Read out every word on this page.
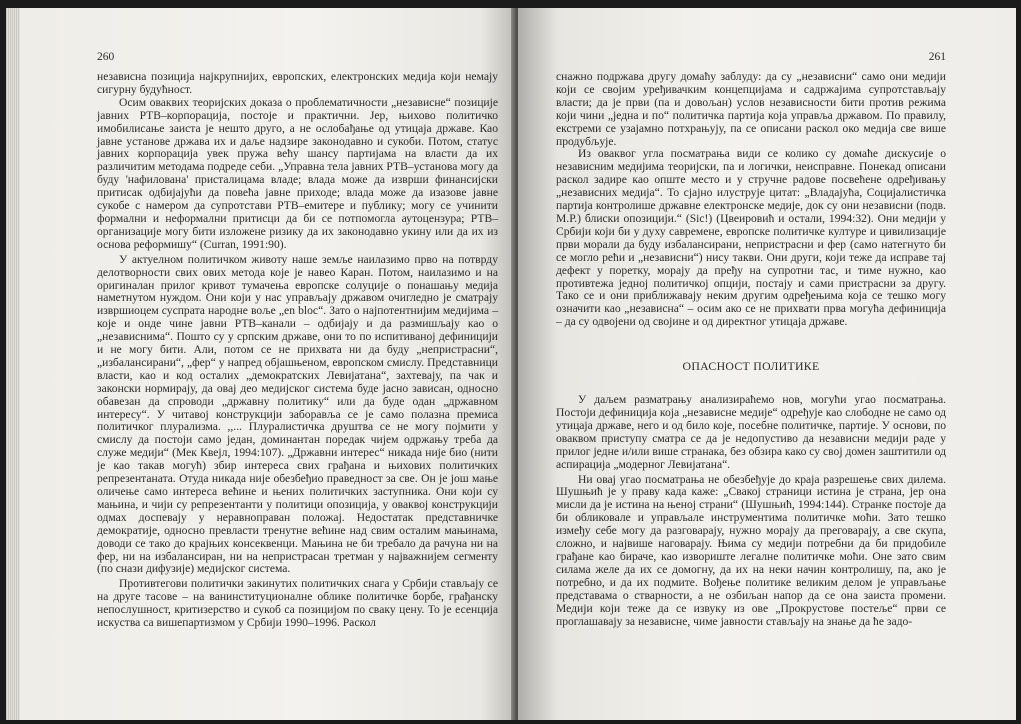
260

независна позиција најкрупнијих, европских, електронских медија који немају сигурну будућност.

Осим оваквих теоријских доказа о проблематичности „независне“ позиције јавних РТВ–корпорација, постоје и практични. Јер, њихово политичко имобилисање заиста је нешто друго, а не ослобађање од утицаја државе. Као јавне установе државa их и даље надзире законодавно и сукоби. Потом, статус јавних корпорација увек пружа већу шансу партијама на власти да их различитим методама подреде себи. „Управна тела јавних РТВ–установа могу да буду 'нафилована' присталицама владе; влада може да изврши финансијски притисак одбијајући да повећа јавне приходе; влада може да изазове јавне сукобе с намером да супротстави РТВ–емитере и публику; могу се учинити формални и неформални притисци да би се потпомогла аутоцензура; РТВ–организације могу бити изложене ризику да их законодавно укину или да их из основа реформишу“ (Curran, 1991:90).

У актуелном политичком животу наше земље наилазимо прво на потврду делотворности свих ових метода које је навео Каран. Потом, наилазимо и на оригиналан прилог кривот тумачења европске солуције о понашању медија наметнутом нуждом. Они који у нас управљају државом очигледно је сматрају извршиоцем суспрата народне воље „en bloc“. Зато о најпотентнијим медијима – које и онде чине јавни РТВ–канали – одбијају и да размишљају као о „независнима“. Пошто су у српским државe, они то по испитиваној дефиницији и не могу бити. Али, потом се не прихвата ни да буду „непристрасни“, „избалансирани“, „фер“ у напред објашњеном, европском смислу. Представници власти, као и код осталих „демократских Левијатана“, захтевају, па чак и законски нормирају, да овај део медијског система буде јасно зависан, односно обавезан да спроводи „државну политику“ или да буде одан „државном интересу“. У читавој конструкцији заборавља се је само полазна премиса политичког плурализма. ,,... Плуралистичка друштва се не могу појмити у смислу да постоји само један, доминантан поредак чијем одржању треба да служе медији“ (Мек Квејл, 1994:107). „Државни интерес“ никада није био (нити је као такав могућ) збир интереса свих грађана и њихових политичких репрезентаната. Отуда никада није обезбеђио праведност за све. Он је још мање оличење само интереса већине и њених политичких заступника. Они који су мањина, и чији су репрезентанти у политици опозиција, у оваквој конструкцији одмах доспевају у неравноправан положај. Недостатак представничке демократије, односно превласти тренутне већине над свим осталим мањинама, доводи се тако до крајњих консеквенци. Мањина не би требало да рачуна ни на фер, ни на избалансиран, ни на непристрасан третман у најважнијем сегменту (по снази дифузије) медијског система.

Противтегови политички закинутих политичких снага у Србији стављају се на друге тасове – на ванинституционалне облике политичке борбе, грађанску непослушност, критизерство и сукоб са позицијом по свaку цену. То је есенција искуства са вишепартизмом у Србији 1990–1996. Раскол

261

снажно подржава другу домаћу заблуду: да су „независни“ само они медији који се својим уређивачким концепцијама и садржајима супротстављају власти; да је први (па и довољан) услов независности бити против режима који чини „једна и по“ политичка партија која управља државом. По правилу, екстреми се узајамно потхрањују, па се описани раскол око медија све више продубљује.

Из оваквог угла посматрања види се колико су домаће дискусије о независним медијима теоријски, па и логички, неисправне. Понекад описани раскол задире као опште место и у стручне радове посвећене одређивању „независних медија“. То сјајно илуструје цитат: „Владајућа, Социјалистичка партија контролише државне електронске медије, док су они независни (подв. М.Р.) блиски опозицији.“ (Sic!) (Цвеировић и остали, 1994:32). Они медији у Србији који би у духу савремене, европске политичке културе и цивилизације први морали да буду избалансирани, непристрасни и фер (само натегнуто би се могло рећи и „независни“) нису такви. Они други, који теже да исправе тај дефект у поретку, морају да пређу на супротни тас, и тиме нужно, као противтежа једној политичкој опцији, постају и сами пристрасни за другу. Тако се и они приближавају неким другим одређењима која се тешко могу означити као „независна“ – осим ако се не прихвати прва могућа дефиниција – да су одвојени од својине и од директног утицаја државе.

ОПАСНОСТ ПОЛИТИКЕ

У даљем разматрању анализираћемо нов, могући угао посматрања. Постоји дефиниција која „независне медије“ одређује као слободне не само од утицаја државе, него и од било које, посебне политичке, партије. У основи, по оваквом приступу сматра се да је недопустиво да независни медији раде у прилог једне и/или више странака, без обзира како су свој домен заштитили од аспирација „модерног Левијатана“.

Ни овај угао посматрања не обезбеђује до краја разрешење свих дилема. Шушњић је у праву када каже: „Свакој страници истина је страна, јер она мисли да је истина на њеној страни“ (Шушњић, 1994:144). Странке постоје да би обликовале и управљале инструментима политичке моћи. Зато тешко између себе могу да разговарају, нужно морају да преговарају, а све скупа, сложно, и највише наговарају. Њима су медији потребни да би придобиле грађане као бираче, као извориште легалне политичке моћи. Оне зато свим силама желе да их се домогну, да их на неки начин контролишу, па, ако је потребно, и да их подмите. Вођење политике великим делом је управљање представама о стварности, а не озбиљан напор да се она заиста промени. Медији који теже да се извуку из ове „Прокрустове постеље“ први се проглашавају за независне, чиме јавности стављају на знање да ће задо-
